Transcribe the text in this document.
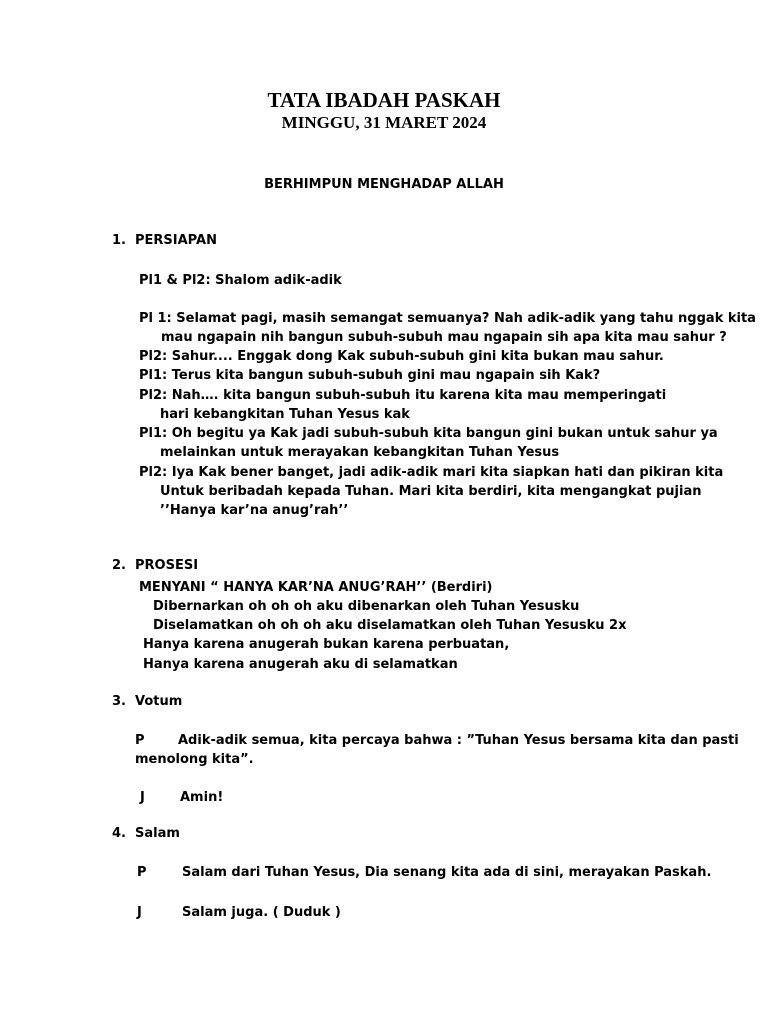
TATA IBADAH PASKAH
MINGGU, 31 MARET 2024
BERHIMPUN MENGHADAP ALLAH
1. PERSIAPAN
Pl1 & Pl2: Shalom adik-adik
Pl 1: Selamat pagi, masih semangat semuanya? Nah adik-adik yang tahu nggak kita
mau ngapain nih bangun subuh-subuh mau ngapain sih apa kita mau sahur ?
Pl2: Sahur.... Enggak dong Kak subuh-subuh gini kita bukan mau sahur.
Pl1: Terus kita bangun subuh-subuh gini mau ngapain sih Kak?
Pl2: Nah…. kita bangun subuh-subuh itu karena kita mau memperingati
hari kebangkitan Tuhan Yesus kak
Pl1: Oh begitu ya Kak jadi subuh-subuh kita bangun gini bukan untuk sahur ya
melainkan untuk merayakan kebangkitan Tuhan Yesus
Pl2: Iya Kak bener banget, jadi adik-adik mari kita siapkan hati dan pikiran kita
Untuk beribadah kepada Tuhan. Mari kita berdiri, kita mengangkat pujian
’’Hanya kar’na anug’rah’’
2. PROSESI
MENYANI “ HANYA KAR’NA ANUG’RAH’’ (Berdiri)
Dibernarkan oh oh oh aku dibenarkan oleh Tuhan Yesusku
Diselamatkan oh oh oh aku diselamatkan oleh Tuhan Yesusku 2x
Hanya karena anugerah bukan karena perbuatan,
Hanya karena anugerah aku di selamatkan
3. Votum
P	Adik-adik semua, kita percaya bahwa : ”Tuhan Yesus bersama kita dan pasti
menolong kita”.
J	Amin!
4. Salam
P	Salam dari Tuhan Yesus, Dia senang kita ada di sini, merayakan Paskah.
J	Salam juga. ( Duduk )
